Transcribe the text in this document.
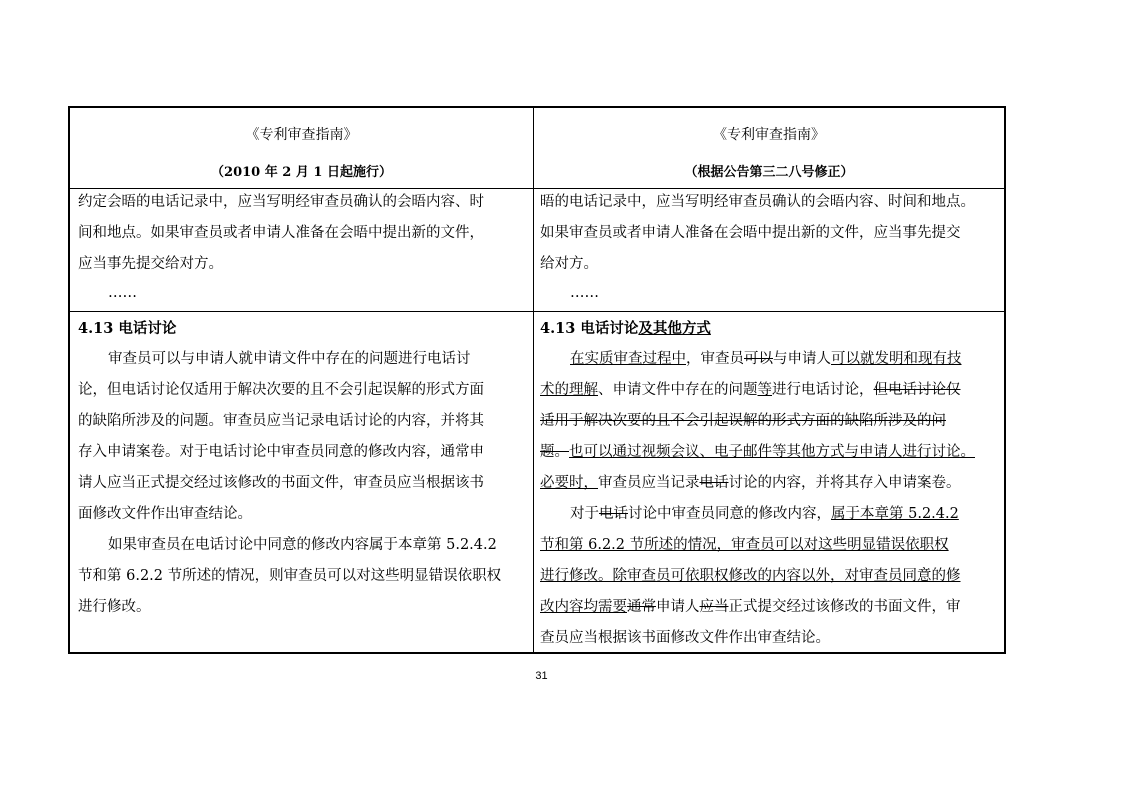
《专利审查指南》
（2010 年 2 月 1 日起施行）
《专利审查指南》
（根据公告第三二八号修正）

约定会晤的电话记录中，应当写明经审查员确认的会晤内容、时

间和地点。如果审查员或者申请人准备在会晤中提出新的文件，

应当事先提交给对方。

……

晤的电话记录中，应当写明经审查员确认的会晤内容、时间和地点。

如果审查员或者申请人准备在会晤中提出新的文件，应当事先提交

给对方。

……

4.13 电话讨论

审查员可以与申请人就申请文件中存在的问题进行电话讨

论，但电话讨论仅适用于解决次要的且不会引起误解的形式方面

的缺陷所涉及的问题。审查员应当记录电话讨论的内容，并将其

存入申请案卷。对于电话讨论中审查员同意的修改内容，通常申

请人应当正式提交经过该修改的书面文件，审查员应当根据该书

面修改文件作出审查结论。

如果审查员在电话讨论中同意的修改内容属于本章第 5.2.4.2

节和第 6.2.2 节所述的情况，则审查员可以对这些明显错误依职权

进行修改。

4.13 电话讨论及其他方式

在实质审查过程中，审查员可以与申请人可以就发明和现有技

术的理解、申请文件中存在的问题等进行电话讨论，但电话讨论仅

适用于解决次要的且不会引起误解的形式方面的缺陷所涉及的问

题。也可以通过视频会议、电子邮件等其他方式与申请人进行讨论。

必要时，审查员应当记录电话讨论的内容，并将其存入申请案卷。

对于电话讨论中审查员同意的修改内容，属于本章第 5.2.4.2

节和第 6.2.2 节所述的情况，审查员可以对这些明显错误依职权

进行修改。除审查员可依职权修改的内容以外，对审查员同意的修

改内容均需要通常申请人应当正式提交经过该修改的书面文件，审

查员应当根据该书面修改文件作出审查结论。

31
